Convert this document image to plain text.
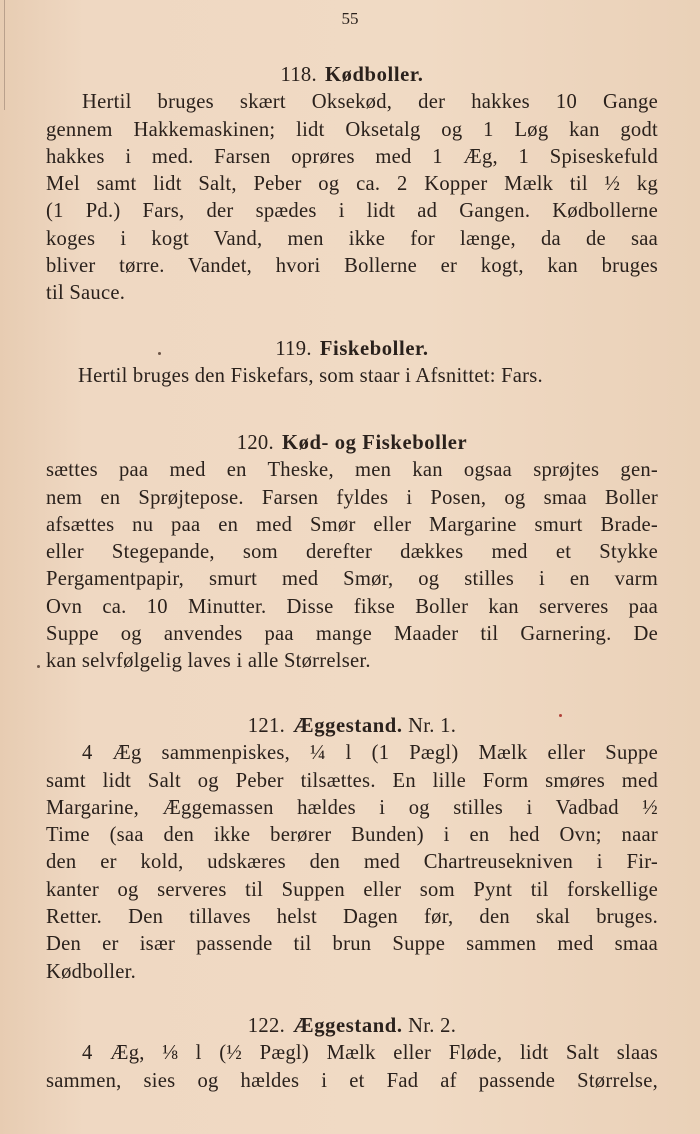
55
118. Kødboller.
Hertil bruges skært Oksekød, der hakkes 10 Gange
gennem Hakkemaskinen; lidt Oksetalg og 1 Løg kan godt
hakkes i med. Farsen oprøres med 1 Æg, 1 Spiseskefuld
Mel samt lidt Salt, Peber og ca. 2 Kopper Mælk til ½ kg
(1 Pd.) Fars, der spædes i lidt ad Gangen. Kødbollerne
koges i kogt Vand, men ikke for længe, da de saa
bliver tørre. Vandet, hvori Bollerne er kogt, kan bruges
til Sauce.
119. Fiskeboller.
Hertil bruges den Fiskefars, som staar i Afsnittet: Fars.
120. Kød- og Fiskeboller
sættes paa med en Theske, men kan ogsaa sprøjtes gen-
nem en Sprøjtepose. Farsen fyldes i Posen, og smaa Boller
afsættes nu paa en med Smør eller Margarine smurt Brade-
eller Stegepande, som derefter dækkes med et Stykke
Pergamentpapir, smurt med Smør, og stilles i en varm
Ovn ca. 10 Minutter. Disse fikse Boller kan serveres paa
Suppe og anvendes paa mange Maader til Garnering. De
kan selvfølgelig laves i alle Størrelser.
121. Æggestand. Nr. 1.
4 Æg sammenpiskes, ¼ l (1 Pægl) Mælk eller Suppe
samt lidt Salt og Peber tilsættes. En lille Form smøres med
Margarine, Æggemassen hældes i og stilles i Vadbad ½
Time (saa den ikke berører Bunden) i en hed Ovn; naar
den er kold, udskæres den med Chartreusekniven i Fir-
kanter og serveres til Suppen eller som Pynt til forskellige
Retter. Den tillaves helst Dagen før, den skal bruges.
Den er især passende til brun Suppe sammen med smaa
Kødboller.
122. Æggestand. Nr. 2.
4 Æg, ⅛ l (½ Pægl) Mælk eller Fløde, lidt Salt slaas
sammen, sies og hældes i et Fad af passende Størrelse,
